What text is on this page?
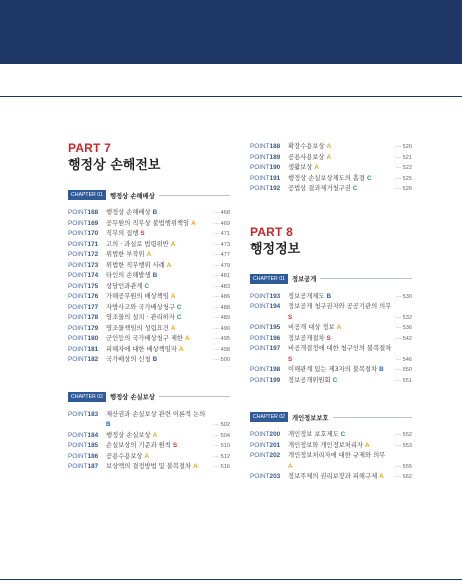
PART 7
행정상 손해전보
CHAPTER 01	행정상 손해배상
POINT168	행정상 손해배상 B	··· 468
POINT169	공무원의 직무상 불법행위책임 A	··· 469
POINT170	직무의 집행 S	··· 471
POINT171	고의 · 과실로 법령위반 A	··· 473
POINT172	위법한 부작위 A	··· 477
POINT173	위법한 직무행위 사례 A	··· 479
POINT174	타인의 손해발생 B	··· 481
POINT175	상당인과관계 C	··· 483
POINT176	가해공무원의 배상책임 A	··· 486
POINT177	자방사고와 국가배상청구 C	··· 488
POINT178	영조물의 설치 · 관리하자 C	··· 489
POINT179	영조물책임의 성립요건 A	··· 490
POINT180	군인등의 국가배상청구 제한 A	··· 495
POINT181	피해자에 대한 배상책임자 A	··· 498
POINT182	국가배상의 신청 B	··· 500
CHAPTER 02	행정상 손실보상
POINT183	재산권과 손실보상 관련 이론적 논의
B	··· 502
POINT184	행정상 손실보상 A	··· 504
POINT185	손실보상의 기준과 원칙 S	··· 510
POINT186	공용수용보상 A	··· 512
POINT187	보상액의 결정방법 및 불복절차 A	··· 516
POINT188	확장수용보상 A	··· 520
POINT189	공용사용보상 A	··· 521
POINT190	생활보상 A	··· 522
POINT191	행정상 손실보상제도의 흠결 C	··· 525
POINT192	공법상 결과제거청구권 C	··· 526
PART 8
행정정보
CHAPTER 01	정보공개
POINT193	정보공개제도 B	··· 530
POINT194	정보공개 청구권자와 공공기관의 의무
S	··· 532
POINT195	비공개 대상 정보 A	··· 536
POINT196	정보공개절차 S	··· 542
POINT197	비공개결정에 대한 청구인의 불복절차
S	··· 546
POINT198	이해관계 있는 제3자의 불복절차 B	··· 550
POINT199	정보공개위원회 C	··· 551
CHAPTER 02	개인정보보호
POINT200	개인정보 보호제도 C	··· 552
POINT201	개인정보와 개인정보처리자 A	··· 553
POINT202	개인정보처리자에 대한 규제와 의무
A	··· 555
POINT203	정보주체의 권리보장과 피해구제 A	··· 562
